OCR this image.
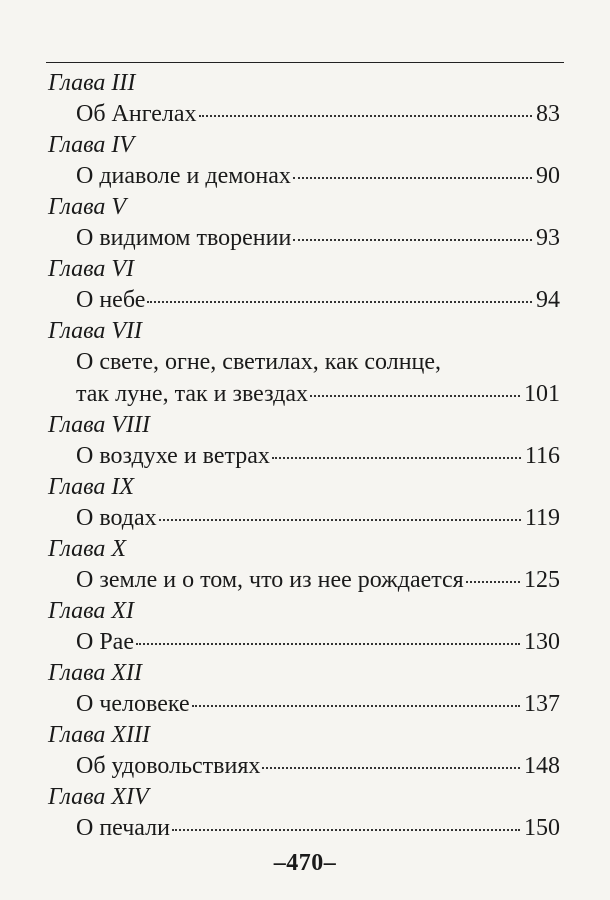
Глава III
Об Ангелах	83
Глава IV
О диаволе и демонах	90
Глава V
О видимом творении	93
Глава VI
О небе	94
Глава VII
О свете, огне, светилах, как солнце,
так луне, так и звездах	101
Глава VIII
О воздухе и ветрах	116
Глава IX
О водах	119
Глава X
О земле и о том, что из нее рождается	125
Глава XI
О Рае	130
Глава XII
О человеке	137
Глава XIII
Об удовольствиях	148
Глава XIV
О печали	150
–470–
